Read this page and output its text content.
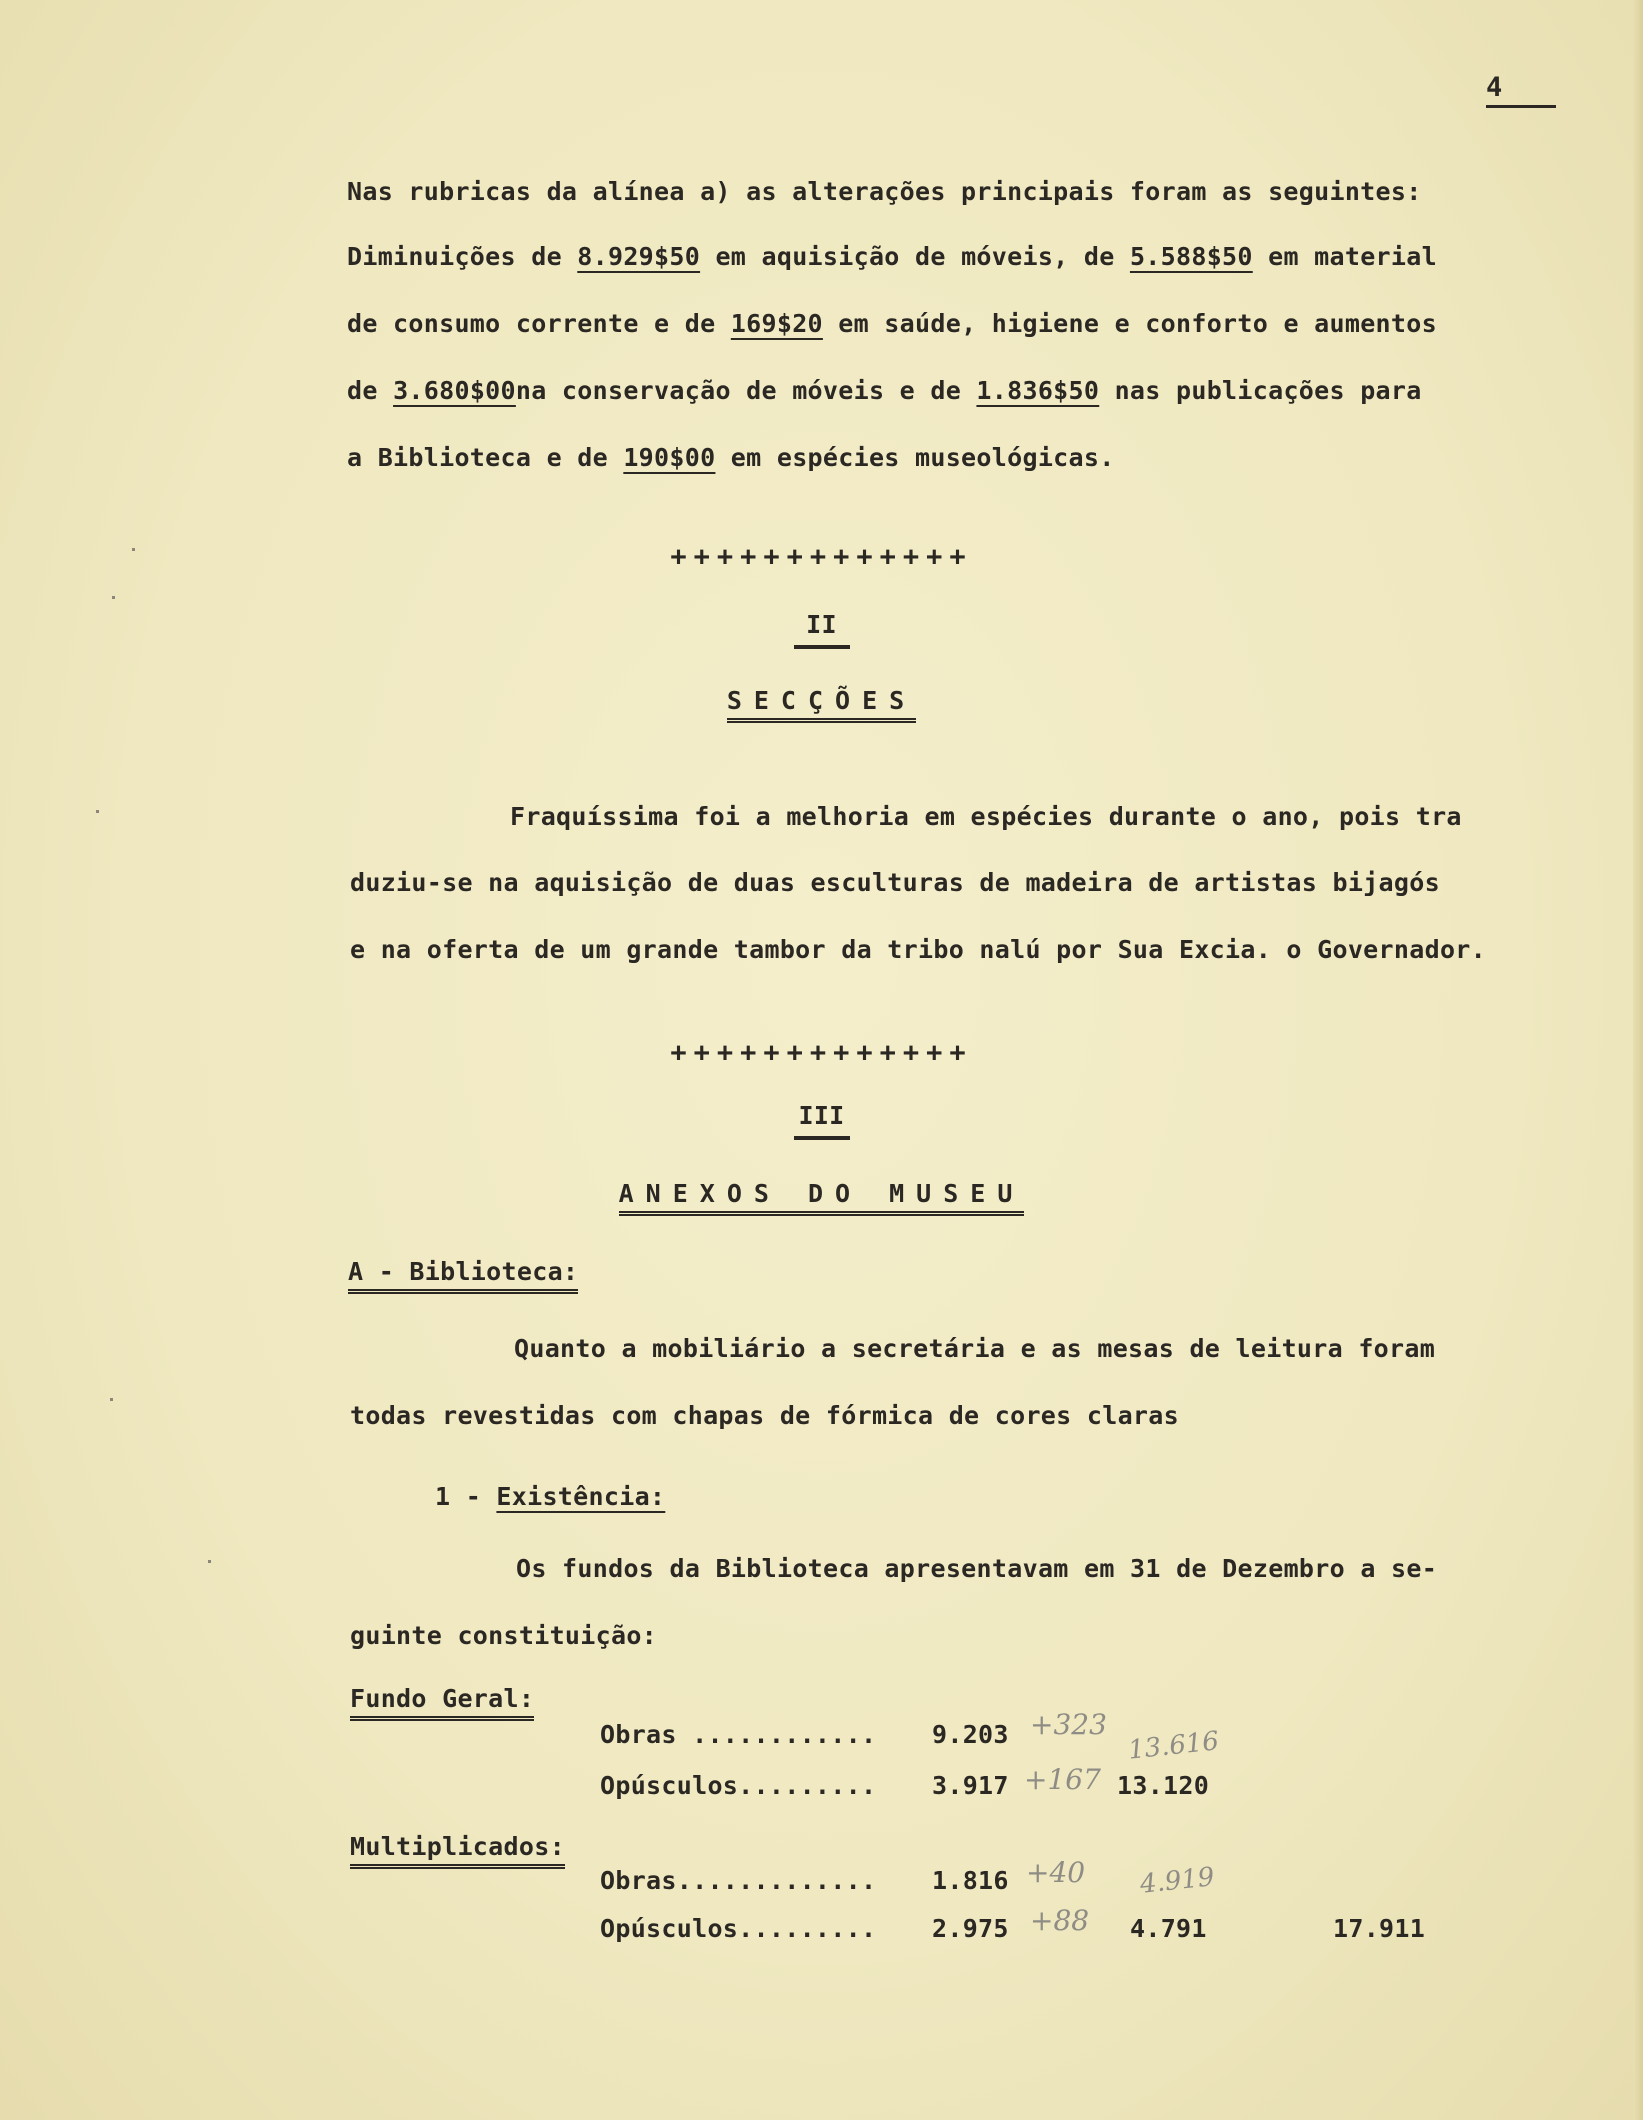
4
Nas rubricas da alínea a) as alterações principais foram as seguintes:
Diminuições de 8.929$50 em aquisição de móveis, de 5.588$50 em material
de consumo corrente e de 169$20 em saúde, higiene e conforto e aumentos
de 3.680$00na conservação de móveis e de 1.836$50 nas publicações para
a Biblioteca e de 190$00 em espécies museológicas.
+++++++++++++
II
SECÇÕES
Fraquíssima foi a melhoria em espécies durante o ano, pois tra
duziu-se na aquisição de duas esculturas de madeira de artistas bijagós
e na oferta de um grande tambor da tribo nalú por Sua Excia. o Governador.
+++++++++++++
III
ANEXOS DO MUSEU
A - Biblioteca:
Quanto a mobiliário a secretária e as mesas de leitura foram
todas revestidas com chapas de fórmica de cores claras
1 - Existência:
Os fundos da Biblioteca apresentavam em 31 de Dezembro a se-
guinte constituição:
Fundo Geral:
Obras ............ 9.203 +323
13.616
Opúsculos......... 3.917 +167 13.120
Multiplicados:
Obras............. 1.816 +40 4.919
Opúsculos......... 2.975 +88 4.791	17.911
